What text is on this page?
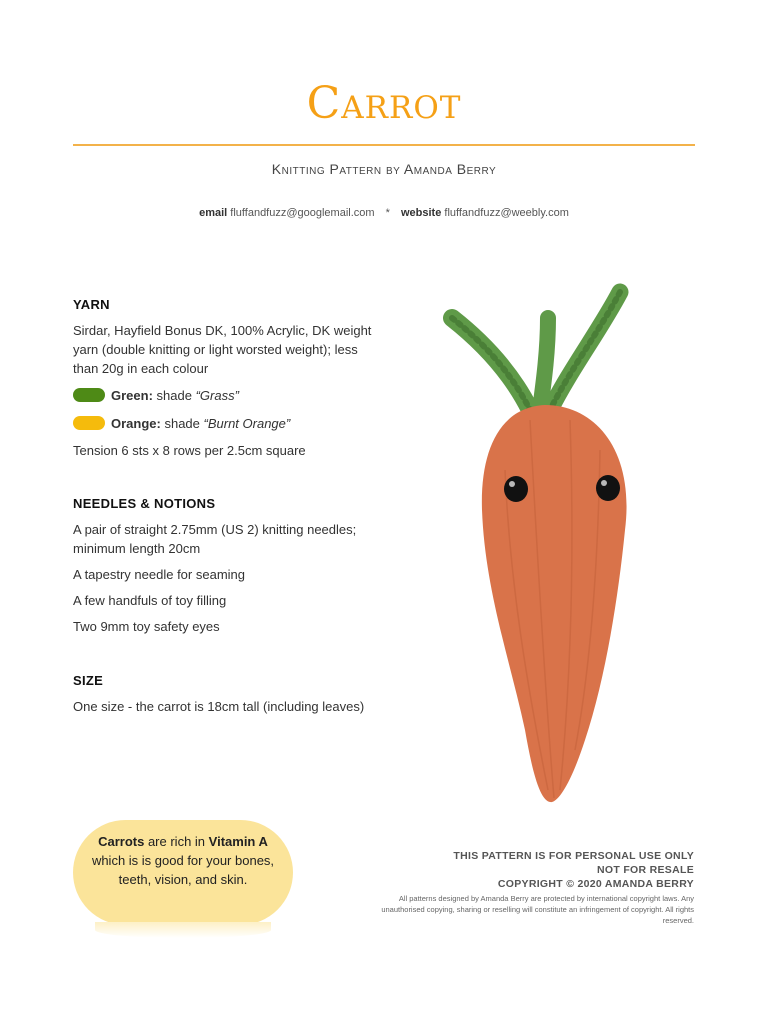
Carrot
Knitting Pattern by Amanda Berry
email fluffandfuzz@googlemail.com * website fluffandfuzz@weebly.com
YARN

Sirdar, Hayfield Bonus DK, 100% Acrylic, DK weight yarn (double knitting or light worsted weight); less than 20g in each colour

Green:
shade
“Grass”
Orange:
shade
“Burnt Orange”

Tension 6 sts x 8 rows per 2.5cm square

NEEDLES & NOTIONS

A pair of straight 2.75mm (US 2) knitting needles; minimum length 20cm

A tapestry needle for seaming

A few handfuls of toy filling

Two 9mm toy safety eyes

SIZE

One size - the carrot is 18cm tall (including leaves)

Carrots are rich in Vitamin A which is is good for your bones, teeth, vision, and skin.
THIS PATTERN IS FOR PERSONAL USE ONLY
NOT FOR RESALE
COPYRIGHT © 2020 AMANDA BERRY
All patterns designed by Amanda Berry are protected by international copyright laws. Any unauthorised copying, sharing or reselling will constitute an infringement of copyright. All rights reserved.
